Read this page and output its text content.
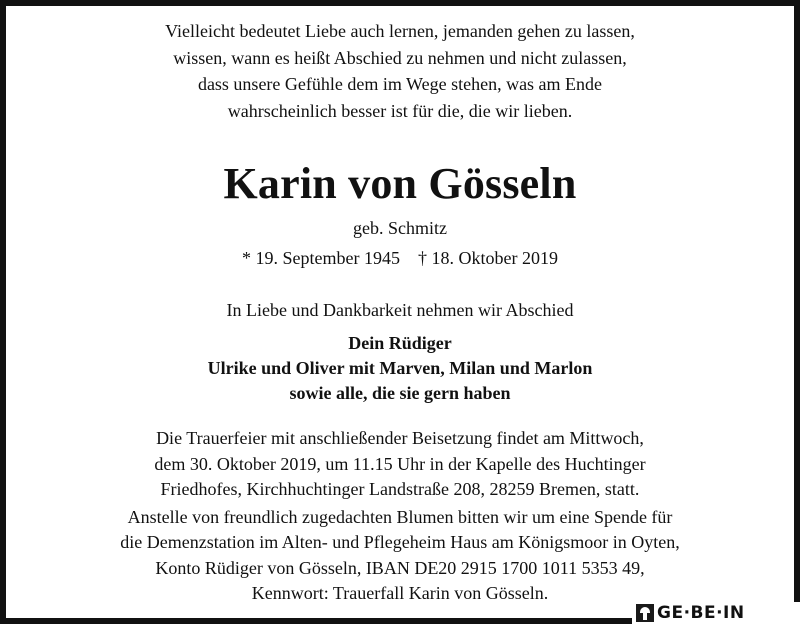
Vielleicht bedeutet Liebe auch lernen, jemanden gehen zu lassen,
wissen, wann es heißt Abschied zu nehmen und nicht zulassen,
dass unsere Gefühle dem im Wege stehen, was am Ende
wahrscheinlich besser ist für die, die wir lieben.
Karin von Gösseln
geb. Schmitz
* 19. September 1945 † 18. Oktober 2019
In Liebe und Dankbarkeit nehmen wir Abschied
Dein Rüdiger
Ulrike und Oliver mit Marven, Milan und Marlon
sowie alle, die sie gern haben
Die Trauerfeier mit anschließender Beisetzung findet am Mittwoch,
dem 30. Oktober 2019, um 11.15 Uhr in der Kapelle des Huchtinger
Friedhofes, Kirchhuchtinger Landstraße 208, 28259 Bremen, statt.
Anstelle von freundlich zugedachten Blumen bitten wir um eine Spende für
die Demenzstation im Alten- und Pflegeheim Haus am Königsmoor in Oyten,
Konto Rüdiger von Gösseln, IBAN DE20 2915 1700 1011 5353 49,
Kennwort: Trauerfall Karin von Gösseln.
GE·BE·IN
